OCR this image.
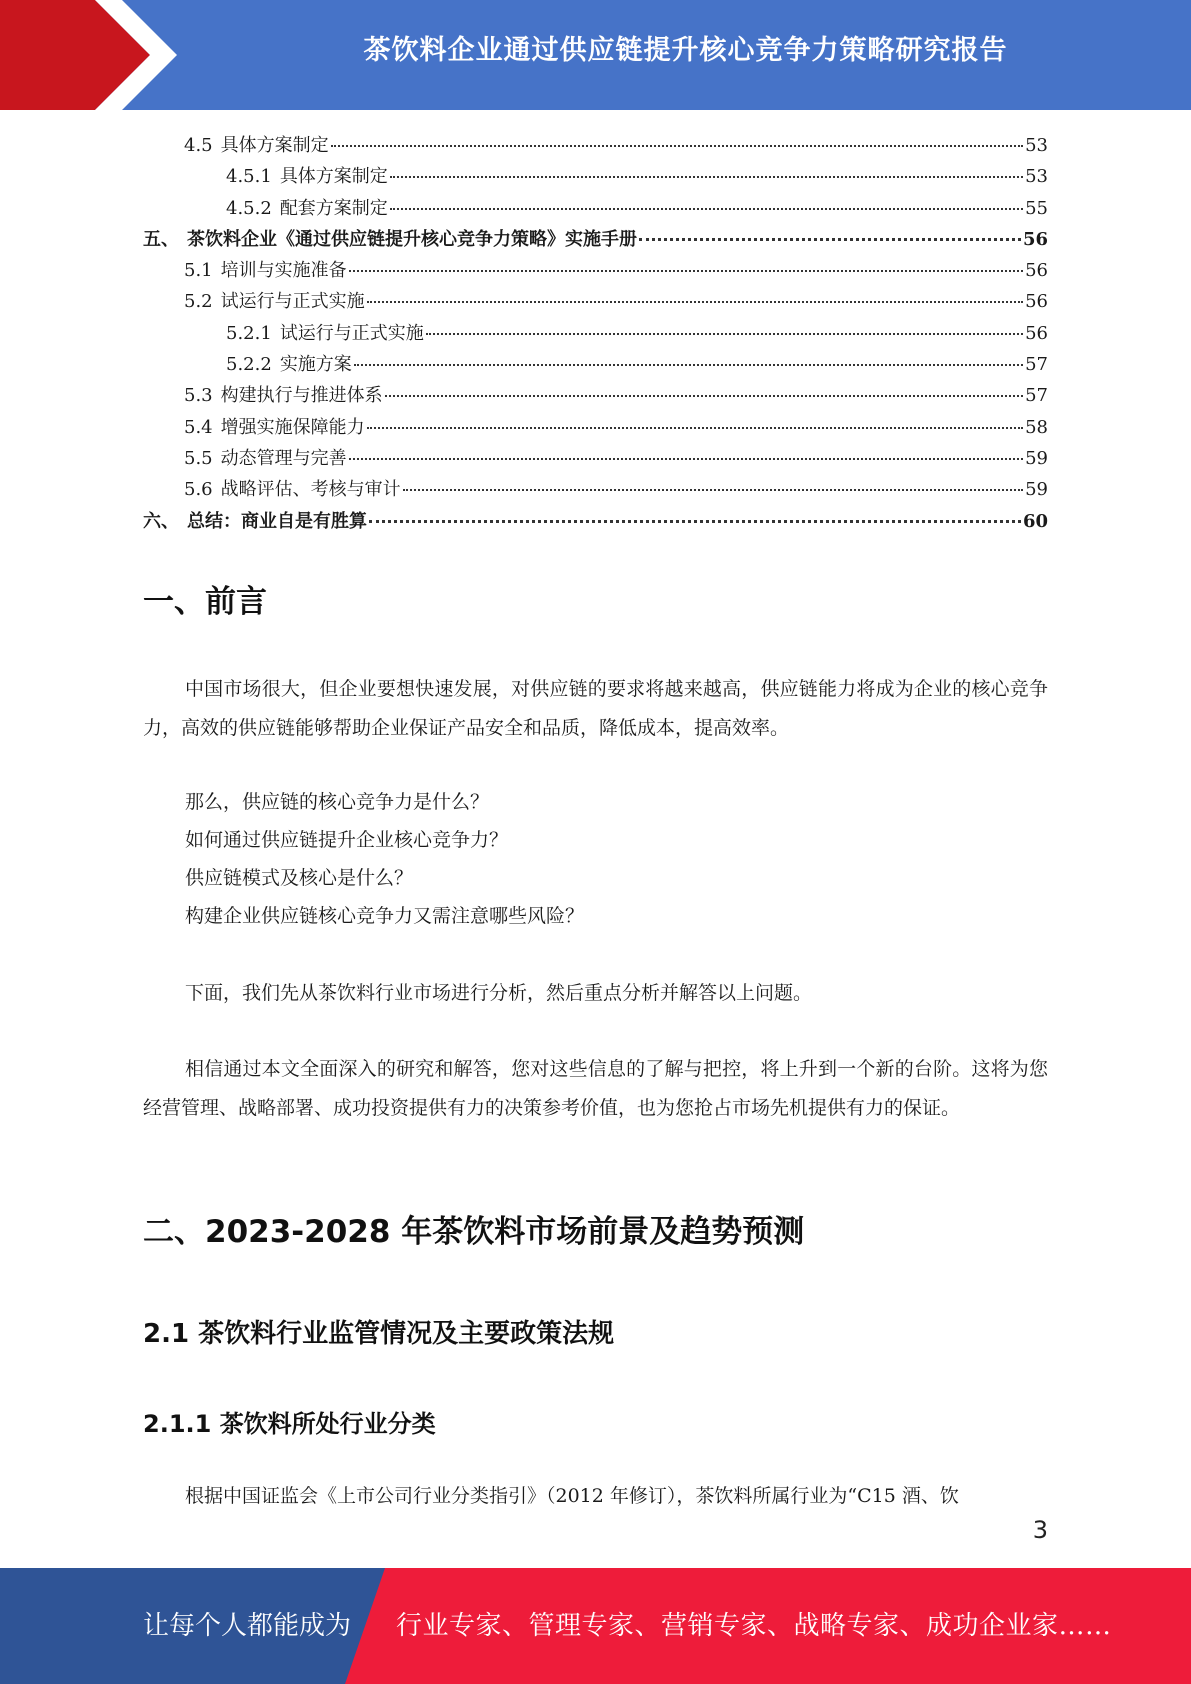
茶饮料企业通过供应链提升核心竞争力策略研究报告
4.5 具体方案制定	53
4.5.1 具体方案制定	53
4.5.2 配套方案制定	55
五、 茶饮料企业《通过供应链提升核心竞争力策略》实施手册	56
5.1 培训与实施准备	56
5.2 试运行与正式实施	56
5.2.1 试运行与正式实施	56
5.2.2 实施方案	57
5.3 构建执行与推进体系	57
5.4 增强实施保障能力	58
5.5 动态管理与完善	59
5.6 战略评估、考核与审计	59
六、 总结：商业自是有胜算	60
一、前言

中国市场很大，但企业要想快速发展，对供应链的要求将越来越高，供应链能力将成为企业的核心竞争力，高效的供应链能够帮助企业保证产品安全和品质，降低成本，提高效率。

那么，供应链的核心竞争力是什么？

如何通过供应链提升企业核心竞争力？

供应链模式及核心是什么？

构建企业供应链核心竞争力又需注意哪些风险？

下面，我们先从茶饮料行业市场进行分析，然后重点分析并解答以上问题。

相信通过本文全面深入的研究和解答，您对这些信息的了解与把控，将上升到一个新的台阶。这将为您经营管理、战略部署、成功投资提供有力的决策参考价值，也为您抢占市场先机提供有力的保证。

二、2023-2028 年茶饮料市场前景及趋势预测
2.1 茶饮料行业监管情况及主要政策法规
2.1.1 茶饮料所处行业分类

根据中国证监会《上市公司行业分类指引》（2012 年修订），茶饮料所属行业为“C15 酒、饮

3
让每个人都能成为 行业专家、管理专家、营销专家、战略专家、成功企业家……
